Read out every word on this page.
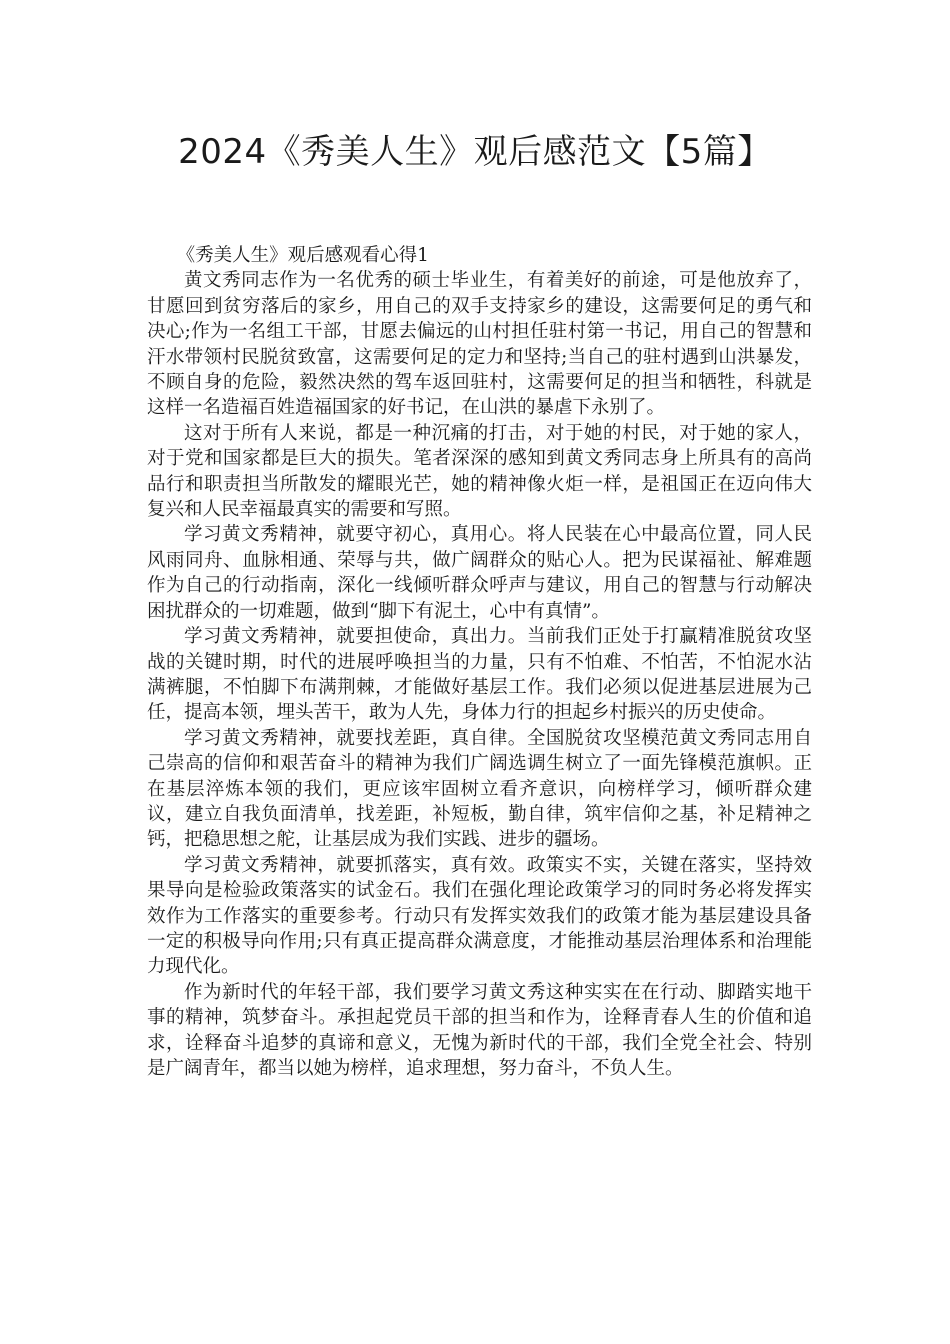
2024《秀美人生》观后感范文【5篇】
《秀美人生》观后感观看心得1

黄文秀同志作为一名优秀的硕士毕业生，有着美好的前途，可是他放弃了，甘愿回到贫穷落后的家乡，用自己的双手支持家乡的建设，这需要何足的勇气和决心;作为一名组工干部，甘愿去偏远的山村担任驻村第一书记，用自己的智慧和汗水带领村民脱贫致富，这需要何足的定力和坚持;当自己的驻村遇到山洪暴发，不顾自身的危险，毅然决然的驾车返回驻村，这需要何足的担当和牺牲，科就是这样一名造福百姓造福国家的好书记，在山洪的暴虐下永别了。

这对于所有人来说，都是一种沉痛的打击，对于她的村民，对于她的家人，对于党和国家都是巨大的损失。笔者深深的感知到黄文秀同志身上所具有的高尚品行和职责担当所散发的耀眼光芒，她的精神像火炬一样，是祖国正在迈向伟大复兴和人民幸福最真实的需要和写照。

学习黄文秀精神，就要守初心，真用心。将人民装在心中最高位置，同人民风雨同舟、血脉相通、荣辱与共，做广阔群众的贴心人。把为民谋福祉、解难题作为自己的行动指南，深化一线倾听群众呼声与建议，用自己的智慧与行动解决困扰群众的一切难题，做到“脚下有泥土，心中有真情”。

学习黄文秀精神，就要担使命，真出力。当前我们正处于打赢精准脱贫攻坚战的关键时期，时代的进展呼唤担当的力量，只有不怕难、不怕苦，不怕泥水沾满裤腿，不怕脚下布满荆棘，才能做好基层工作。我们必须以促进基层进展为己任，提高本领，埋头苦干，敢为人先，身体力行的担起乡村振兴的历史使命。

学习黄文秀精神，就要找差距，真自律。全国脱贫攻坚模范黄文秀同志用自己崇高的信仰和艰苦奋斗的精神为我们广阔选调生树立了一面先锋模范旗帜。正在基层淬炼本领的我们，更应该牢固树立看齐意识，向榜样学习，倾听群众建议，建立自我负面清单，找差距，补短板，勤自律，筑牢信仰之基，补足精神之钙，把稳思想之舵，让基层成为我们实践、进步的疆场。

学习黄文秀精神，就要抓落实，真有效。政策实不实，关键在落实，坚持效果导向是检验政策落实的试金石。我们在强化理论政策学习的同时务必将发挥实效作为工作落实的重要参考。行动只有发挥实效我们的政策才能为基层建设具备一定的积极导向作用;只有真正提高群众满意度，才能推动基层治理体系和治理能力现代化。

作为新时代的年轻干部，我们要学习黄文秀这种实实在在行动、脚踏实地干事的精神，筑梦奋斗。承担起党员干部的担当和作为，诠释青春人生的价值和追求，诠释奋斗追梦的真谛和意义，无愧为新时代的干部，我们全党全社会、特别是广阔青年，都当以她为榜样，追求理想，努力奋斗，不负人生。
